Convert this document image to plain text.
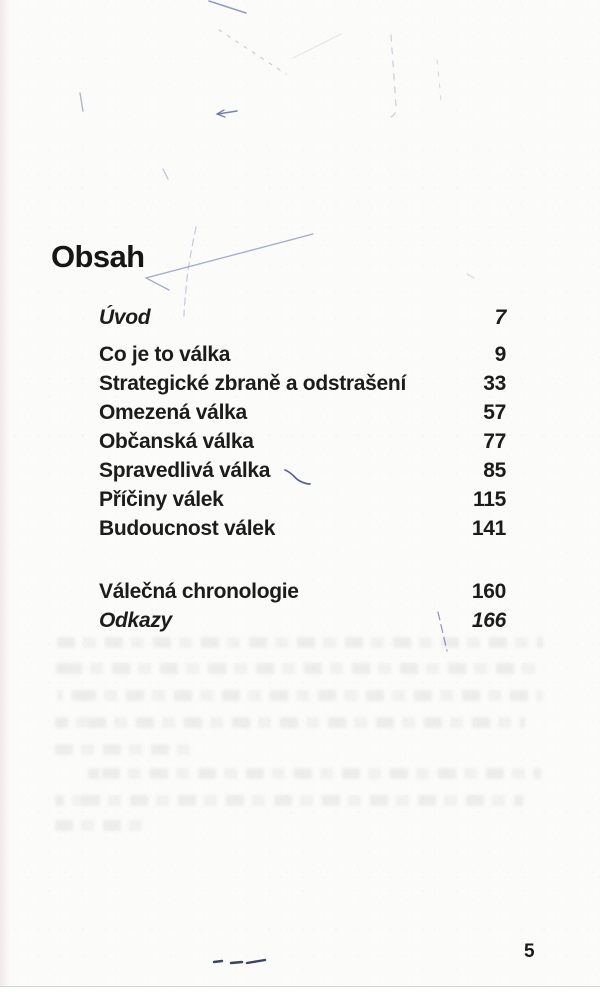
Obsah
Úvod	7
Co je to válka	9
Strategické zbraně a odstrašení	33
Omezená válka	57
Občanská válka	77
Spravedlivá válka	85
Příčiny válek	115
Budoucnost válek	141
Válečná chronologie	160
Odkazy	166
5
